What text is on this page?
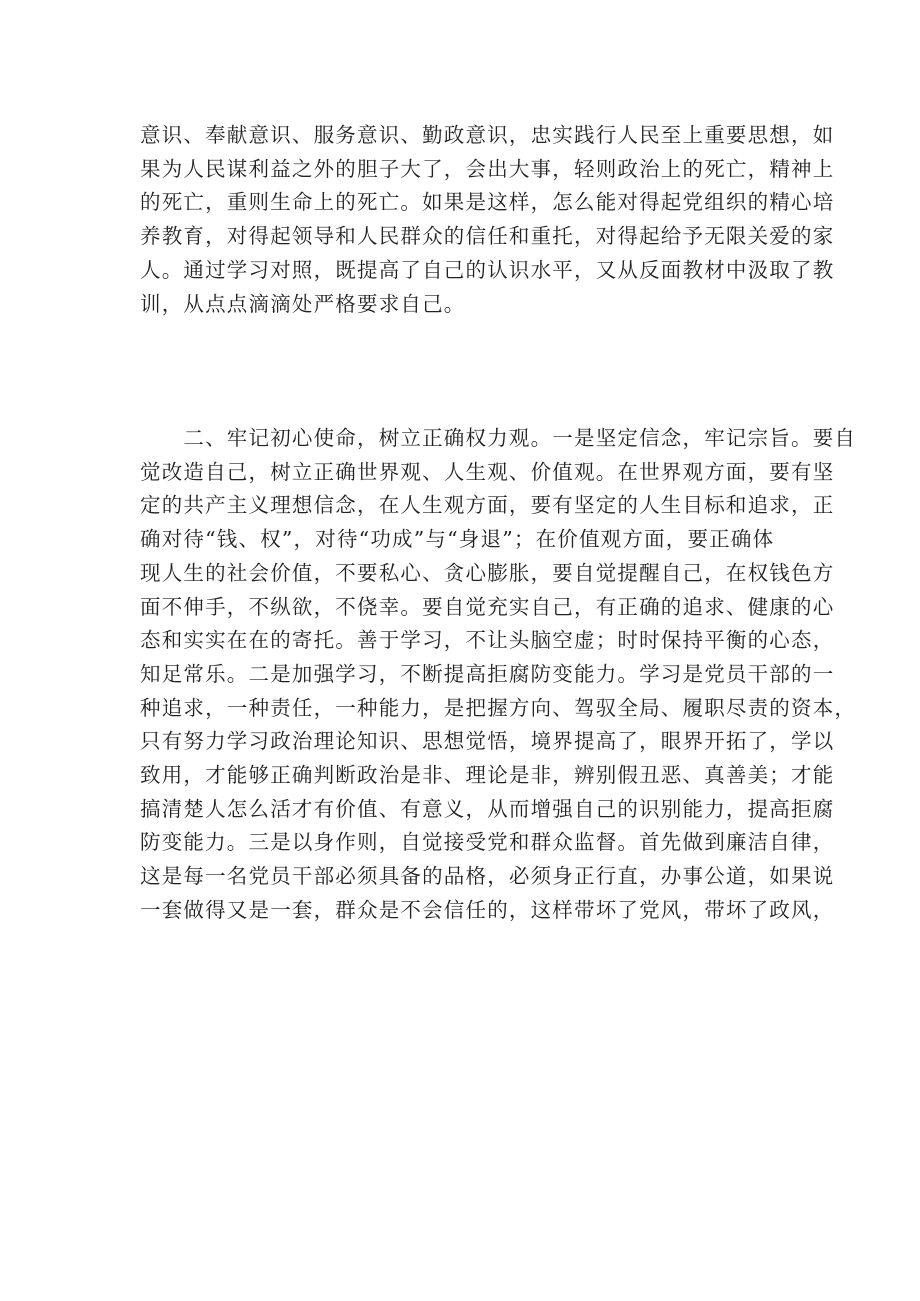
意识、奉献意识、服务意识、勤政意识，忠实践行人民至上重要思想，如
果为人民谋利益之外的胆子大了，会出大事，轻则政治上的死亡，精神上
的死亡，重则生命上的死亡。如果是这样，怎么能对得起党组织的精心培
养教育，对得起领导和人民群众的信任和重托，对得起给予无限关爱的家
人。通过学习对照，既提高了自己的认识水平，又从反面教材中汲取了教
训，从点点滴滴处严格要求自己。

　　二、牢记初心使命，树立正确权力观。一是坚定信念，牢记宗旨。要自
觉改造自己，树立正确世界观、人生观、价值观。在世界观方面，要有坚
定的共产主义理想信念，在人生观方面，要有坚定的人生目标和追求，正
确对待“钱、权”，对待“功成”与“身退”；在价值观方面，要正确体
现人生的社会价值，不要私心、贪心膨胀，要自觉提醒自己，在权钱色方
面不伸手，不纵欲，不侥幸。要自觉充实自己，有正确的追求、健康的心
态和实实在在的寄托。善于学习，不让头脑空虚；时时保持平衡的心态，
知足常乐。二是加强学习，不断提高拒腐防变能力。学习是党员干部的一
种追求，一种责任，一种能力，是把握方向、驾驭全局、履职尽责的资本，
只有努力学习政治理论知识、思想觉悟，境界提高了，眼界开拓了，学以
致用，才能够正确判断政治是非、理论是非，辨别假丑恶、真善美；才能
搞清楚人怎么活才有价值、有意义，从而增强自己的识别能力，提高拒腐
防变能力。三是以身作则，自觉接受党和群众监督。首先做到廉洁自律，
这是每一名党员干部必须具备的品格，必须身正行直，办事公道，如果说
一套做得又是一套，群众是不会信任的，这样带坏了党风，带坏了政风，
